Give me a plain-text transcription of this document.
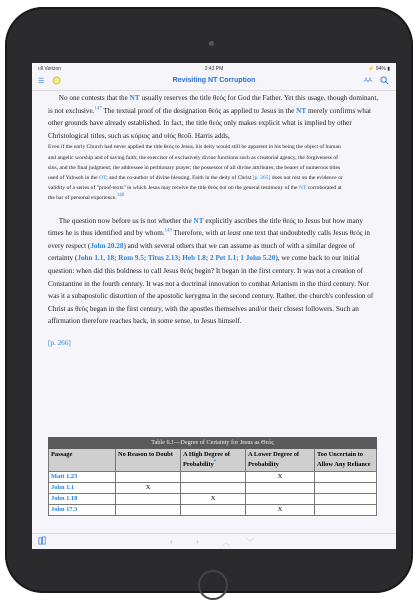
ııll Verizon	2:43 PM	⚡ 94% ▮
☰	Revisiting NT Corruption	AA

No one contests that the NT usually reserves the title θεός for God the Father. Yet this usage, though dominant, is not exclusive.$^{147}$ The textual proof of the designation θεός as applied to Jesus in the NT merely confirms what other grounds have already established. In fact, the title θεός only makes explicit what is implied by other Christological titles, such as κύριος and υἱὸς θεοῦ. Harris adds,

Even if the early Church had never applied the title θεός to Jesus, his deity would still be apparent in his being the object of human and angelic worship and of saving faith; the exerciser of exclusively divine functions such as creatorial agency, the forgiveness of sins, and the final judgment; the addressee in petitionary prayer; the possessor of all divine attributes; the bearer of numerous titles used of Yahweh in the OT; and the co-author of divine blessing. Faith in the deity of Christ [p. 265] does not rest on the evidence or validity of a series of "proof-texts" in which Jesus may receive the title θεός but on the general testimony of the NT corroborated at the bar of personal experience.148

The question now before us is not whether the NT explicitly ascribes the title θεός to Jesus but how many times he is thus identified and by whom.$^{149}$ Therefore, with at least one text that undoubtedly calls Jesus θεός in every respect (John 20.28) and with several others that we can assume as much of with a similar degree of certainty (John 1.1, 18; Rom 9.5; Titus 2.13; Heb 1.8; 2 Pet 1.1; 1 John 5.20), we come back to our initial question: when did this boldness to call Jesus θεός begin? It began in the first century. It was not a creation of Constantine in the fourth century. It was not a doctrinal innovation to combat Arianism in the third century. Nor was it a subapostolic distortion of the apostolic kerygma in the second century. Rather, the church's confession of Christ as θεός began in the first century, with the apostles themselves and/or their closest followers. Such an affirmation therefore reaches back, in some sense, to Jesus himself.

[p. 266]

Table 6.1—Degree of Certainty for Jesus as Θεός				
Passage	No Reason to Doubt	A High Degree of Probability*	A Lower Degree of Probability	Too Uncertain to Allow Any Reliance
Matt 1.23			X	
John 1.1	X			
John 1.18		X		
John 17.3			X	
‹	›	︿ ﹀
